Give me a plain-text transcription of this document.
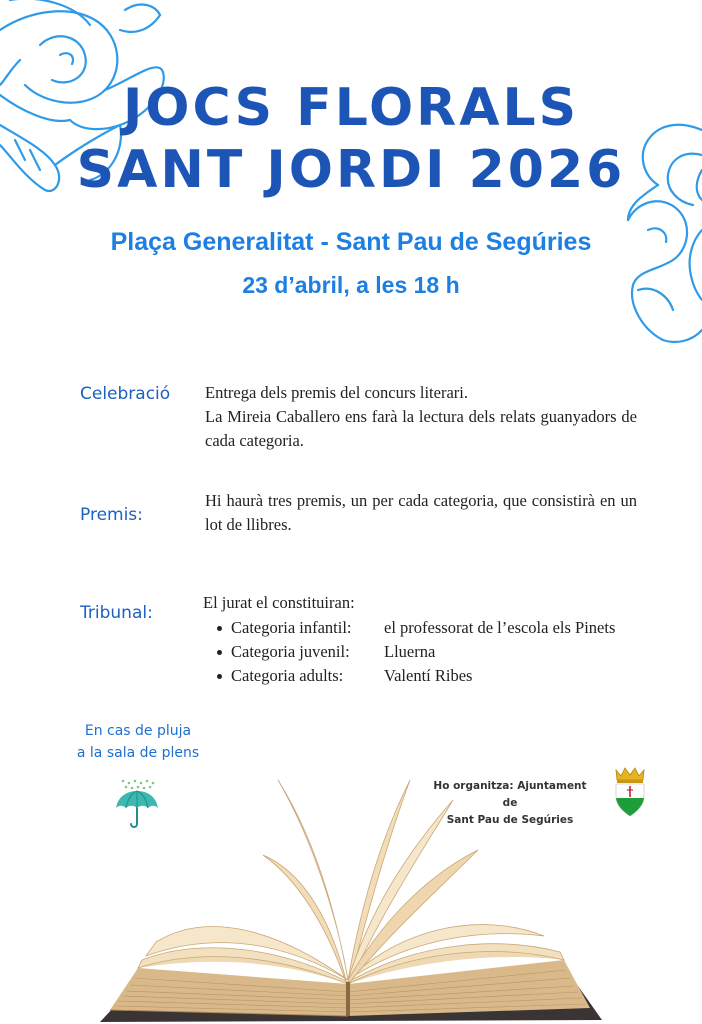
JOCS FLORALS
SANT JORDI 2026
Plaça Generalitat - Sant Pau de Segúries
23 d’abril, a les 18 h
Celebració Entrega dels premis del concurs literari.
La Mireia Caballero ens farà la lectura dels relats guanyadors de cada categoria.
Premis:
Hi haurà tres premis, un per cada categoria, que consistirà en un lot de llibres.
Tribunal:
El jurat el constituiran:
Categoria infantil: el professorat de l’escola els Pinets
Categoria juvenil: Lluerna
Categoria adults: Valentí Ribes
En cas de pluja
a la sala de plens
Ho organitza: Ajuntament de
Sant Pau de Segúries
